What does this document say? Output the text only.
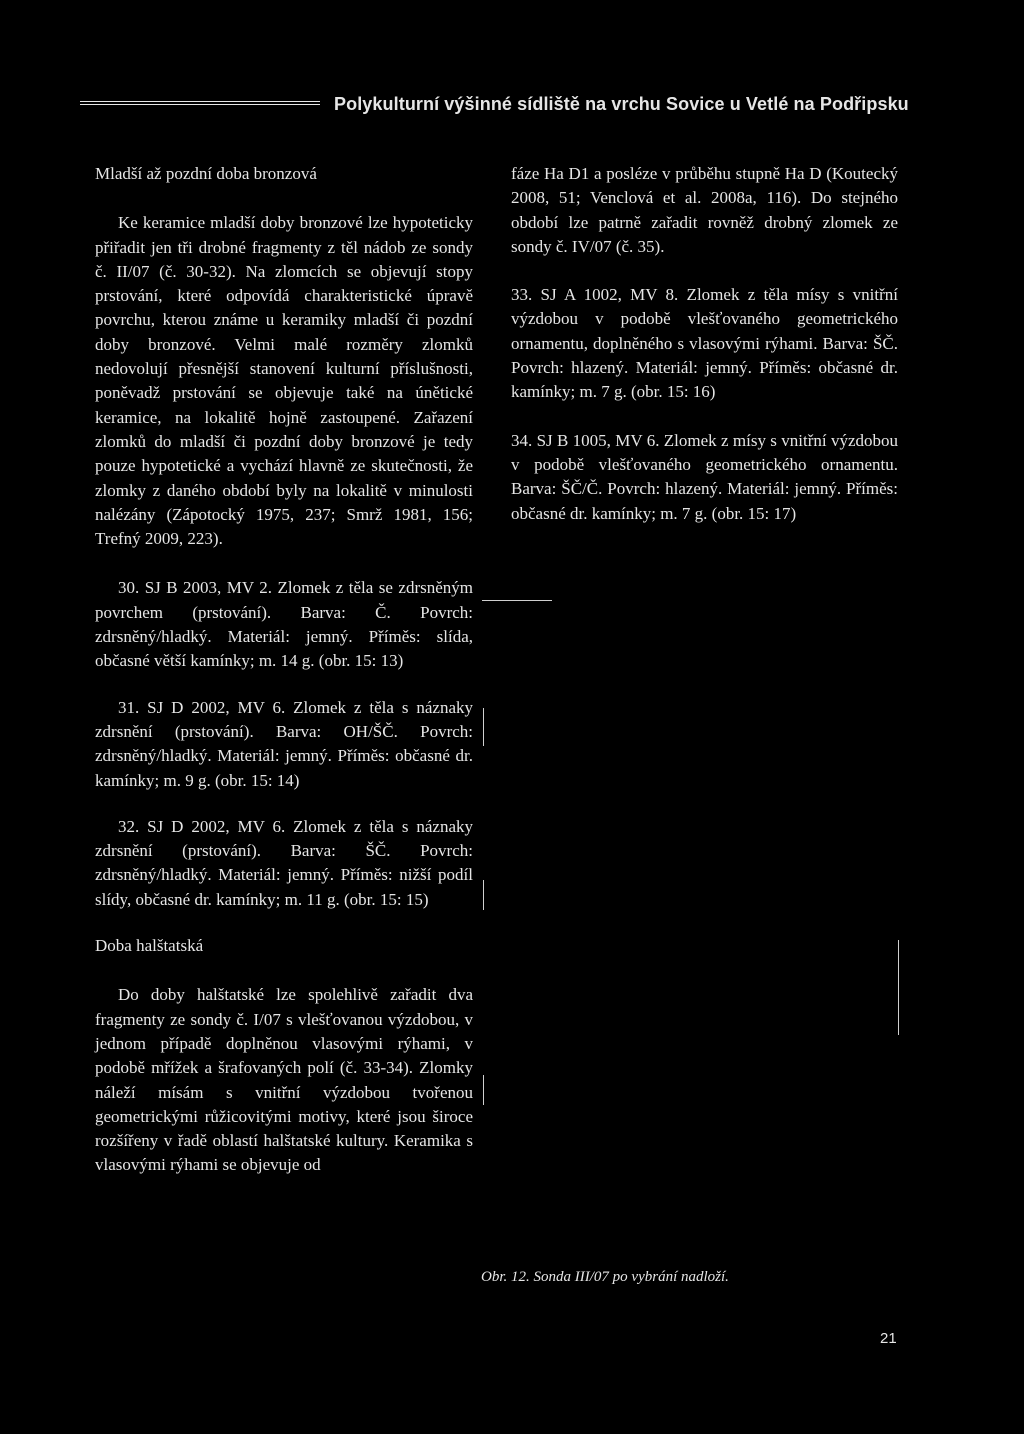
Polykulturní výšinné sídliště na vrchu Sovice u Vetlé na Podřipsku

Mladší až pozdní doba bronzová

Ke keramice mladší doby bronzové lze hypoteticky přiřadit jen tři drobné fragmenty z těl nádob ze sondy č. II/07 (č. 30-32). Na zlomcích se objevují stopy prstování, které odpovídá charakteristické úpravě povrchu, kterou známe u keramiky mladší či pozdní doby bronzové. Velmi malé rozměry zlomků nedovolují přesnější stanovení kulturní příslušnosti, poněvadž prstování se objevuje také na únětické keramice, na lokalitě hojně zastoupené. Zařazení zlomků do mladší či pozdní doby bronzové je tedy pouze hypotetické a vychází hlavně ze skutečnosti, že zlomky z daného období byly na lokalitě v minulosti nalézány (Zápotocký 1975, 237; Smrž 1981, 156; Trefný 2009, 223).

30. SJ B 2003, MV 2. Zlomek z těla se zdrsněným povrchem (prstování). Barva: Č. Povrch: zdrsněný/hladký. Materiál: jemný. Příměs: slída, občasné větší kamínky; m. 14 g. (obr. 15: 13)

31. SJ D 2002, MV 6. Zlomek z těla s náznaky zdrsnění (prstování). Barva: OH/ŠČ. Povrch: zdrsněný/hladký. Materiál: jemný. Příměs: občasné dr. kamínky; m. 9 g. (obr. 15: 14)

32. SJ D 2002, MV 6. Zlomek z těla s náznaky zdrsnění (prstování). Barva: ŠČ. Povrch: zdrsněný/hladký. Materiál: jemný. Příměs: nižší podíl slídy, občasné dr. kamínky; m. 11 g. (obr. 15: 15)

Doba halštatská

Do doby halštatské lze spolehlivě zařadit dva fragmenty ze sondy č. I/07 s vlešťovanou výzdobou, v jednom případě doplněnou vlasovými rýhami, v podobě mřížek a šrafovaných polí (č. 33-34). Zlomky náleží mísám s vnitřní výzdobou tvořenou geometrickými růžicovitými motivy, které jsou široce rozšířeny v řadě oblastí halštatské kultury. Keramika s vlasovými rýhami se objevuje od

fáze Ha D1 a posléze v průběhu stupně Ha D (Koutecký 2008, 51; Venclová et al. 2008a, 116). Do stejného období lze patrně zařadit rovněž drobný zlomek ze sondy č. IV/07 (č. 35).

33. SJ A 1002, MV 8. Zlomek z těla mísy s vnitřní výzdobou v podobě vlešťovaného geometrického ornamentu, doplněného s vlasovými rýhami. Barva: ŠČ. Povrch: hlazený. Materiál: jemný. Příměs: občasné dr. kamínky; m. 7 g. (obr. 15: 16)

34. SJ B 1005, MV 6. Zlomek z mísy s vnitřní výzdobou v podobě vlešťovaného geometrického ornamentu. Barva: ŠČ/Č. Povrch: hlazený. Materiál: jemný. Příměs: občasné dr. kamínky; m. 7 g. (obr. 15: 17)

Obr. 12. Sonda III/07 po vybrání nadloží.
21
